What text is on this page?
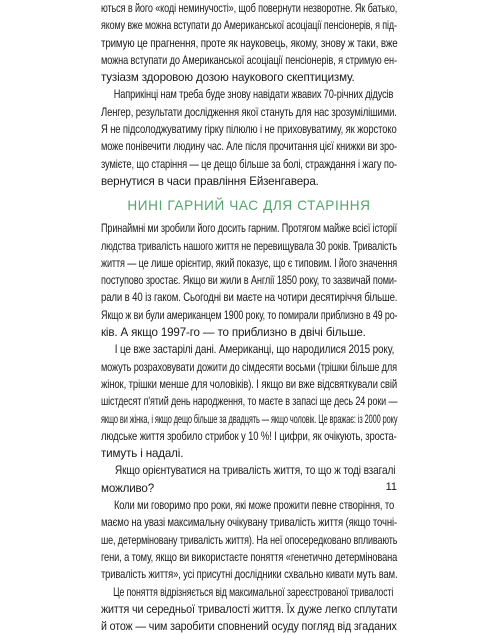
ються в його «коді неминучості», щоб повернути незворотне. Як батько,
якому вже можна вступати до Американської асоціації пенсіонерів, я під-
тримую це прагнення, проте як науковець, якому, знову ж таки, вже
можна вступати до Американської асоціації пенсіонерів, я стримую ен-
тузіазм здоровою дозою наукового скептицизму.
Наприкінці нам треба буде знову навідати жвавих 70-річних дідусів
Ленгер, результати дослідження якої стануть для нас зрозумілішими.
Я не підсолоджуватиму гірку пілюлю і не приховуватиму, як жорстоко
може понівечити людину час. Але після прочитання цієї книжки ви зро-
зумієте, що старіння — це дещо більше за болі, страждання і жагу по-
вернутися в часи правління Ейзенгавера.
НИНІ ГАРНИЙ ЧАС ДЛЯ СТАРІННЯ
Принаймні ми зробили його досить гарним. Протягом майже всієї історії
людства тривалість нашого життя не перевищувала 30 років. Тривалість
життя — це лише орієнтир, який показує, що є типовим. І його значення
поступово зростає. Якщо ви жили в Англії 1850 року, то зазвичай поми-
рали в 40 із гаком. Сьогодні ви маєте на чотири десятиріччя більше.
Якщо ж ви були американцем 1900 року, то помирали приблизно в 49 ро-
ків. А якщо 1997-го — то приблизно в двічі більше.
І це вже застарілі дані. Американці, що народилися 2015 року,
можуть розраховувати дожити до сімдесяти восьми (трішки більше для
жінок, трішки менше для чоловіків). І якщо ви вже відсвяткували свій
шістдесят п'ятий день народження, то маєте в запасі ще десь 24 роки —
якщо ви жінка, і якщо дещо більше за двадцять — якщо чоловік. Це вражає: із 2000 року
людське життя зробило стрибок у 10 %! І цифри, як очікують, зроста-
тимуть і надалі.
Якщо орієнтуватися на тривалість життя, то що ж тоді взагалі
можливо?
Коли ми говоримо про роки, які може прожити певне створіння, то
маємо на увазі максимальну очікувану тривалість життя (якщо точні-
ше, детерміновану тривалість життя). На неї опосередковано впливають
гени, а тому, якщо ви використаєте поняття «генетично детермінована
тривалість життя», усі присутні дослідники схвально кивати муть вам.
Це поняття відрізняється від максимальної зареєстрованої тривалості
життя чи середньої тривалості життя. Їх дуже легко сплутати
й отож — чим заробити сповнений осуду погляд від згаданих
11
